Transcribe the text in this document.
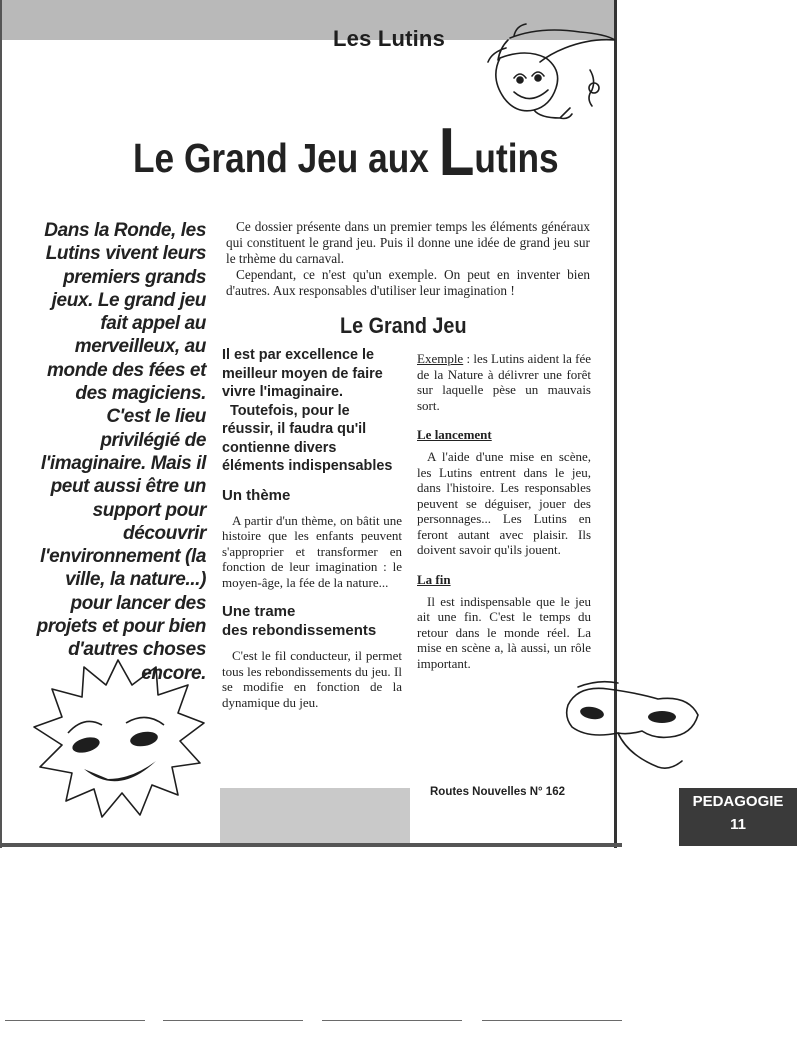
Les Lutins
Le Grand Jeu aux Lutins
Dans la Ronde, les Lutins vivent leurs premiers grands jeux. Le grand jeu fait appel au merveilleux, au monde des fées et des magiciens. C'est le lieu privilégié de l'imaginaire. Mais il peut aussi être un support pour découvrir l'environnement (la ville, la nature...) pour lancer des projets et pour bien d'autres choses encore.

Ce dossier présente dans un premier temps les éléments généraux qui constituent le grand jeu. Puis il donne une idée de grand jeu sur le trhème du carnaval.

Cependant, ce n'est qu'un exemple. On peut en inventer bien d'autres. Aux responsables d'utiliser leur imagination !

Le Grand Jeu

Il est par excellence le meilleur moyen de faire vivre l'imaginaire.

Toutefois, pour le réussir, il faudra qu'il contienne divers éléments indispensables

Un thème

A partir d'un thème, on bâtit une histoire que les enfants peuvent s'approprier et transformer en fonction de leur imagination : le moyen-âge, la fée de la nature...

Une trame
des rebondissements

C'est le fil conducteur, il permet tous les rebondissements du jeu. Il se modifie en fonction de la dynamique du jeu.

Exemple : les Lutins aident la fée de la Nature à délivrer une forêt sur laquelle pèse un mauvais sort.

Le lancement

A l'aide d'une mise en scène, les Lutins entrent dans le jeu, dans l'histoire. Les responsables peuvent se déguiser, jouer des personnages... Les Lutins en feront autant avec plaisir. Ils doivent savoir qu'ils jouent.

La fin

Il est indispensable que le jeu ait une fin. C'est le temps du retour dans le monde réel. La mise en scène a, là aussi, un rôle important.

Routes Nouvelles N° 162
PEDAGOGIE
11
